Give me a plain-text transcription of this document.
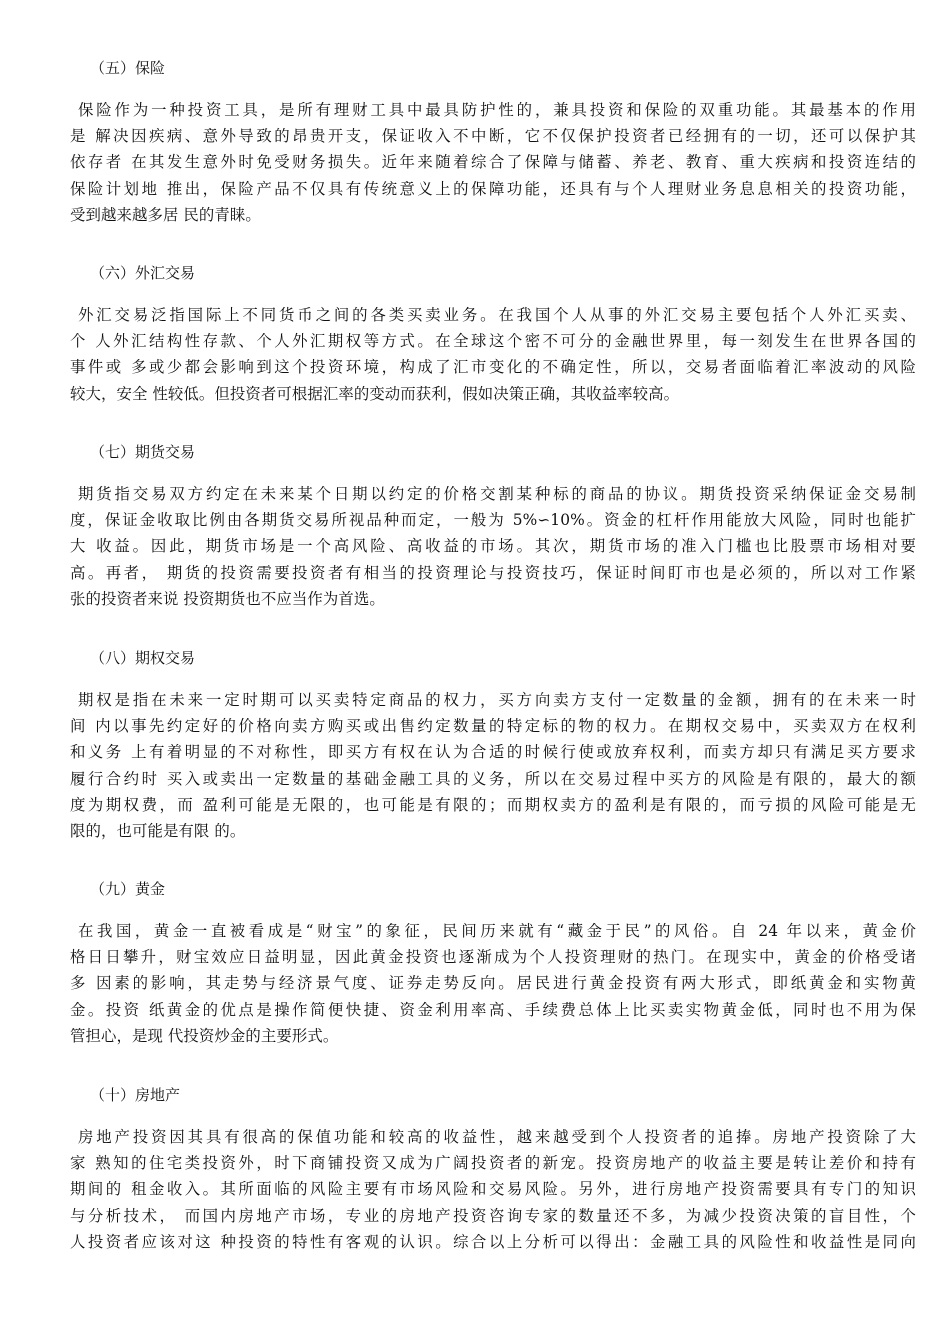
（五）保险
保险作为一种投资工具，是所有理财工具中最具防护性的，兼具投资和保险的双重功能。其最基本的作用
是 解决因疾病、意外导致的昂贵开支，保证收入不中断，它不仅保护投资者已经拥有的一切，还可以保护其
依存者 在其发生意外时免受财务损失。近年来随着综合了保障与储蓄、养老、教育、重大疾病和投资连结的
保险计划地 推出，保险产品不仅具有传统意义上的保障功能，还具有与个人理财业务息息相关的投资功能，
受到越来越多居 民的青睐。
（六）外汇交易
外汇交易泛指国际上不同货币之间的各类买卖业务。在我国个人从事的外汇交易主要包括个人外汇买卖、
个 人外汇结构性存款、个人外汇期权等方式。在全球这个密不可分的金融世界里，每一刻发生在世界各国的
事件或 多或少都会影响到这个投资环境，构成了汇市变化的不确定性，所以，交易者面临着汇率波动的风险
较大，安全 性较低。但投资者可根据汇率的变动而获利，假如决策正确，其收益率较高。
（七）期货交易
期货指交易双方约定在未来某个日期以约定的价格交割某种标的商品的协议。期货投资采纳保证金交易制
度，保证金收取比例由各期货交易所视品种而定，一般为 5%∽10%。资金的杠杆作用能放大风险，同时也能扩
大 收益。因此，期货市场是一个高风险、高收益的市场。其次，期货市场的准入门槛也比股票市场相对要
高。再者， 期货的投资需要投资者有相当的投资理论与投资技巧，保证时间盯市也是必须的，所以对工作紧
张的投资者来说 投资期货也不应当作为首选。
（八）期权交易
期权是指在未来一定时期可以买卖特定商品的权力，买方向卖方支付一定数量的金额，拥有的在未来一时
间 内以事先约定好的价格向卖方购买或出售约定数量的特定标的物的权力。在期权交易中，买卖双方在权利
和义务 上有着明显的不对称性，即买方有权在认为合适的时候行使或放弃权利，而卖方却只有满足买方要求
履行合约时 买入或卖出一定数量的基础金融工具的义务，所以在交易过程中买方的风险是有限的，最大的额
度为期权费，而 盈利可能是无限的，也可能是有限的；而期权卖方的盈利是有限的，而亏损的风险可能是无
限的，也可能是有限 的。
（九）黄金
在我国，黄金一直被看成是“财宝”的象征，民间历来就有“藏金于民”的风俗。自 24 年以来，黄金价
格日日攀升，财宝效应日益明显，因此黄金投资也逐渐成为个人投资理财的热门。在现实中，黄金的价格受诸
多 因素的影响，其走势与经济景气度、证券走势反向。居民进行黄金投资有两大形式，即纸黄金和实物黄
金。投资 纸黄金的优点是操作简便快捷、资金利用率高、手续费总体上比买卖实物黄金低，同时也不用为保
管担心，是现 代投资炒金的主要形式。
（十）房地产
房地产投资因其具有很高的保值功能和较高的收益性，越来越受到个人投资者的追捧。房地产投资除了大
家 熟知的住宅类投资外，时下商铺投资又成为广阔投资者的新宠。投资房地产的收益主要是转让差价和持有
期间的 租金收入。其所面临的风险主要有市场风险和交易风险。另外，进行房地产投资需要具有专门的知识
与分析技术， 而国内房地产市场，专业的房地产投资咨询专家的数量还不多，为减少投资决策的盲目性，个
人投资者应该对这 种投资的特性有客观的认识。综合以上分析可以得出：金融工具的风险性和收益性是同向
